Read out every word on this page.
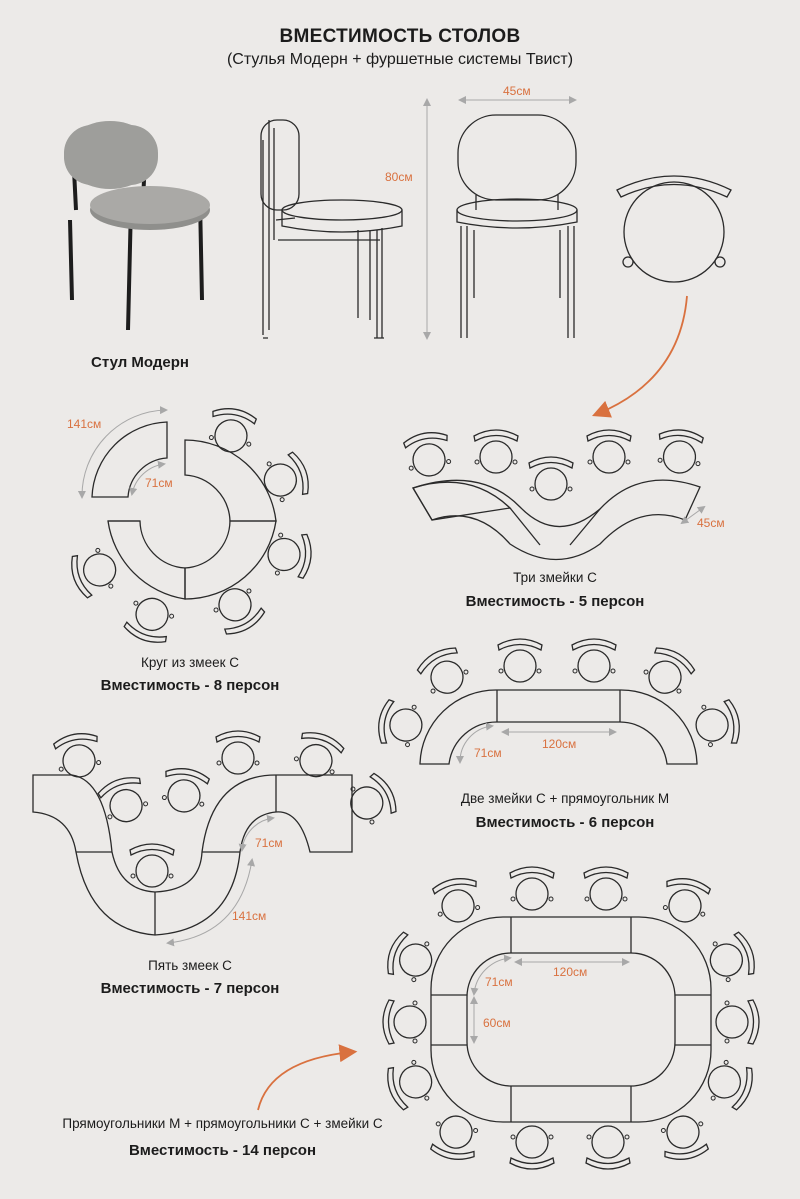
ВМЕСТИМОСТЬ СТОЛОВ
(Стулья Модерн + фуршетные системы Твист)
45см
80см
Стул Модерн
141см
71см
Круг из змеек С
Вместимость - 8 персон
45см
Три змейки С
Вместимость - 5 персон
71см
120см
Две змейки С + прямоугольник М
Вместимость - 6 персон
71см
141см
Пять змеек С
Вместимость - 7 персон	71см
120см
60см
Прямоугольники М + прямоугольники С + змейки С
Вместимость - 14 персон
